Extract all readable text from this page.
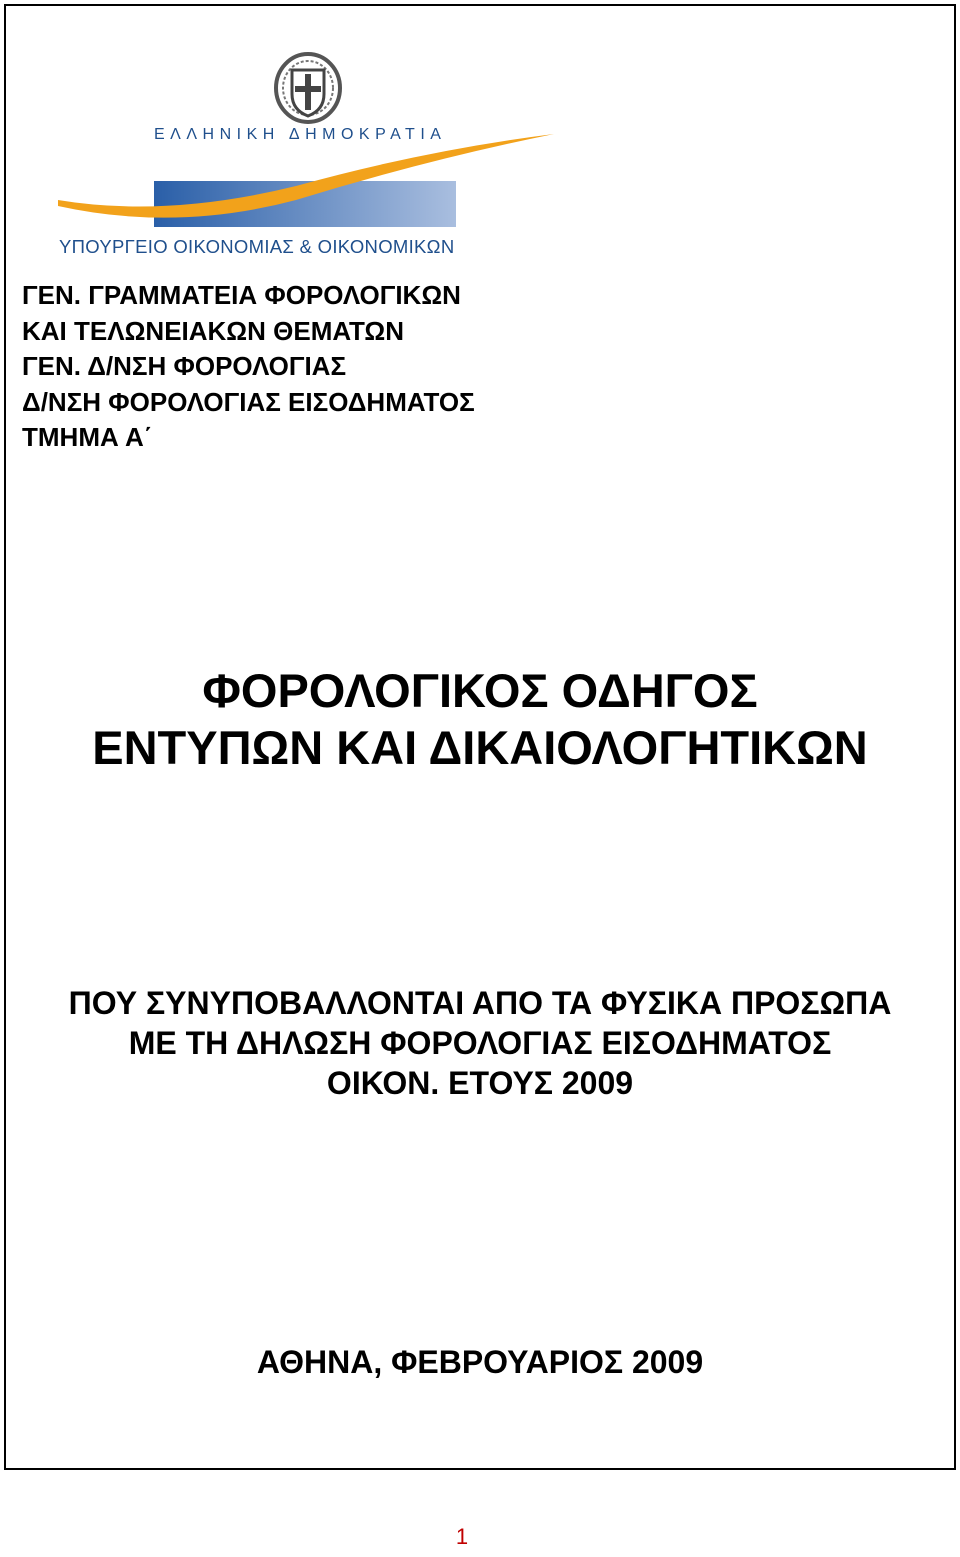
ΕΛΛΗΝΙΚΗ ΔΗΜΟΚΡΑΤΙΑ
ΥΠΟΥΡΓΕΙΟ ΟΙΚΟΝΟΜΙΑΣ & ΟΙΚΟΝΟΜΙΚΩΝ
ΓΕΝ. ΓΡΑΜΜΑΤΕΙΑ ΦΟΡΟΛΟΓΙΚΩΝ
ΚΑΙ ΤΕΛΩΝΕΙΑΚΩΝ ΘΕΜΑΤΩΝ
ΓΕΝ. Δ/ΝΣΗ ΦΟΡΟΛΟΓΙΑΣ
Δ/ΝΣΗ ΦΟΡΟΛΟΓΙΑΣ ΕΙΣΟΔΗΜΑΤΟΣ
ΤΜΗΜΑ Α΄
ΦΟΡΟΛΟΓΙΚΟΣ ΟΔΗΓΟΣ
ΕΝΤΥΠΩΝ ΚΑΙ ΔΙΚΑΙΟΛΟΓΗΤΙΚΩΝ
ΠΟΥ ΣΥΝΥΠΟΒΑΛΛΟΝΤΑΙ ΑΠΟ ΤΑ ΦΥΣΙΚΑ ΠΡΟΣΩΠΑ
ΜΕ ΤΗ ΔΗΛΩΣΗ ΦΟΡΟΛΟΓΙΑΣ ΕΙΣΟΔΗΜΑΤΟΣ
ΟΙΚΟΝ. ΕΤΟΥΣ 2009
ΑΘΗΝΑ, ΦΕΒΡΟΥΑΡΙΟΣ 2009
1
